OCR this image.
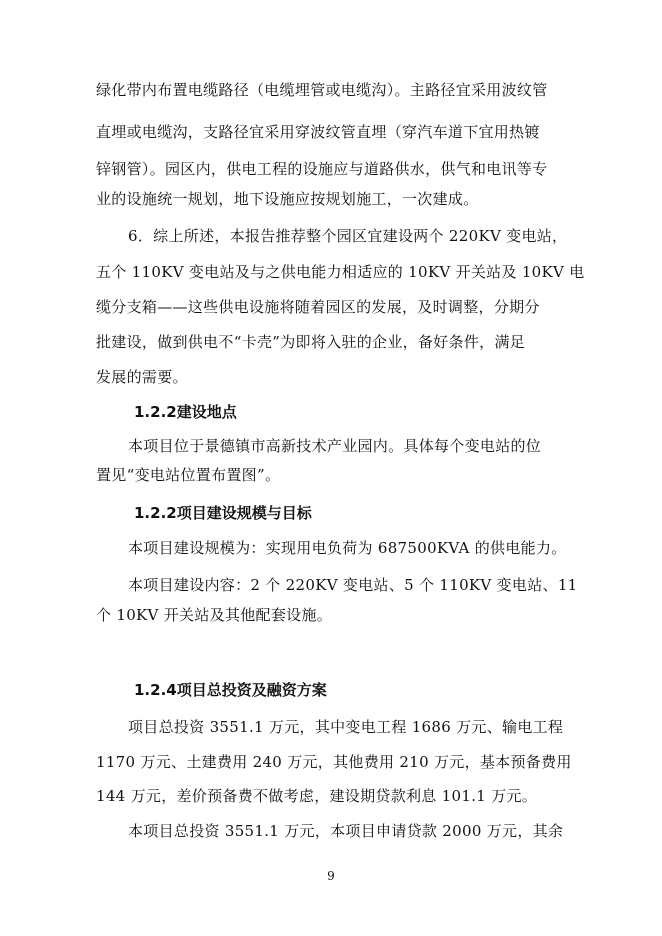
绿化带内布置电缆路径（电缆埋管或电缆沟）。主路径宜采用波纹管
直埋或电缆沟，支路径宜采用穿波纹管直埋（穿汽车道下宜用热镀
锌钢管）。园区内，供电工程的设施应与道路供水，供气和电讯等专
业的设施统一规划，地下设施应按规划施工，一次建成。
6．综上所述，本报告推荐整个园区宜建设两个 220KV 变电站，
五个 110KV 变电站及与之供电能力相适应的 10KV 开关站及 10KV 电
缆分支箱——这些供电设施将随着园区的发展，及时调整，分期分
批建设，做到供电不“卡壳”为即将入驻的企业，备好条件，满足
发展的需要。
1.2.2建设地点
本项目位于景德镇市高新技术产业园内。具体每个变电站的位
置见“变电站位置布置图”。
1.2.2项目建设规模与目标
本项目建设规模为：实现用电负荷为 687500KVA 的供电能力。
本项目建设内容：2 个 220KV 变电站、5 个 110KV 变电站、11
个 10KV 开关站及其他配套设施。
1.2.4项目总投资及融资方案
项目总投资 3551.1 万元，其中变电工程 1686 万元、输电工程
1170 万元、土建费用 240 万元，其他费用 210 万元，基本预备费用
144 万元，差价预备费不做考虑，建设期贷款利息 101.1 万元。
本项目总投资 3551.1 万元，本项目申请贷款 2000 万元，其余
9
